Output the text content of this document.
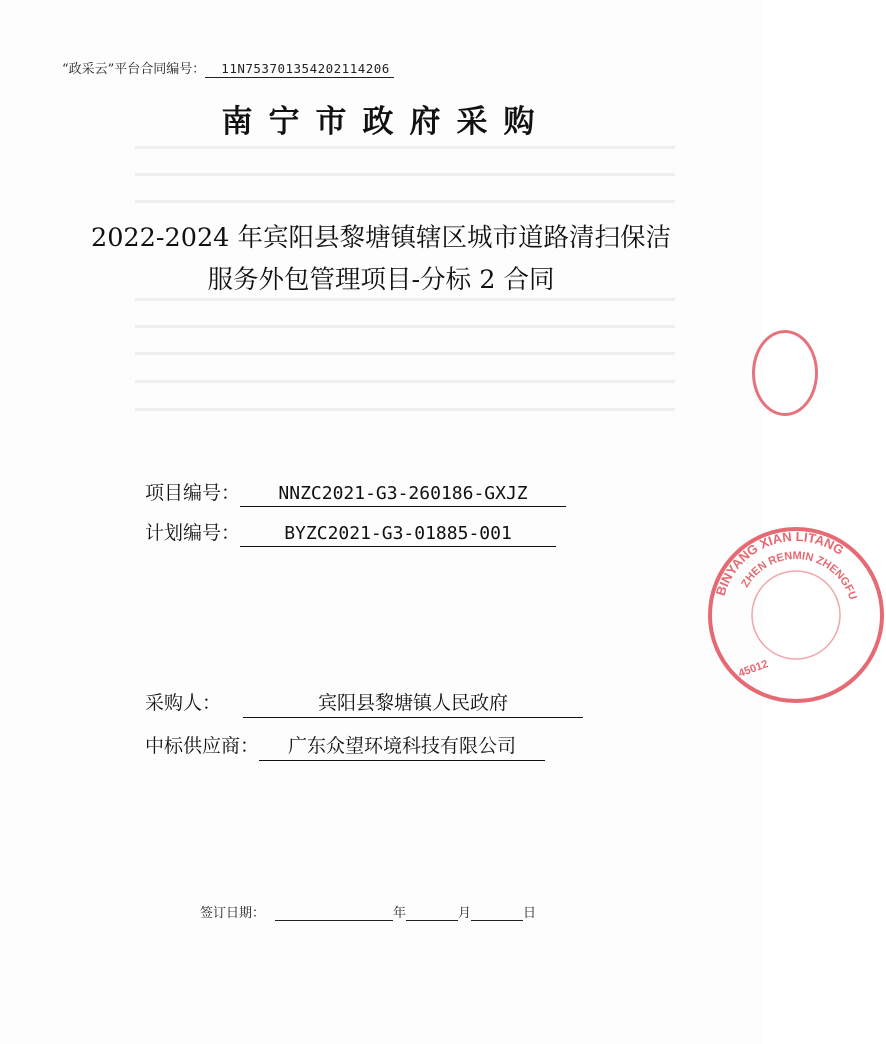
“政采云”平台合同编号： 11N753701354202114206
南宁市政府采购
2022-2024 年宾阳县黎塘镇辖区城市道路清扫保洁
服务外包管理项目-分标 2 合同
项目编号： NNZC2021-G3-260186-GXJZ
计划编号： BYZC2021-G3-01885-001
采购人：	宾阳县黎塘镇人民政府
中标供应商： 广东众望环境科技有限公司
签订日期：	年	月	日
BINYANG XIAN LITANG
ZHEN RENMIN ZHENGFU
45012
